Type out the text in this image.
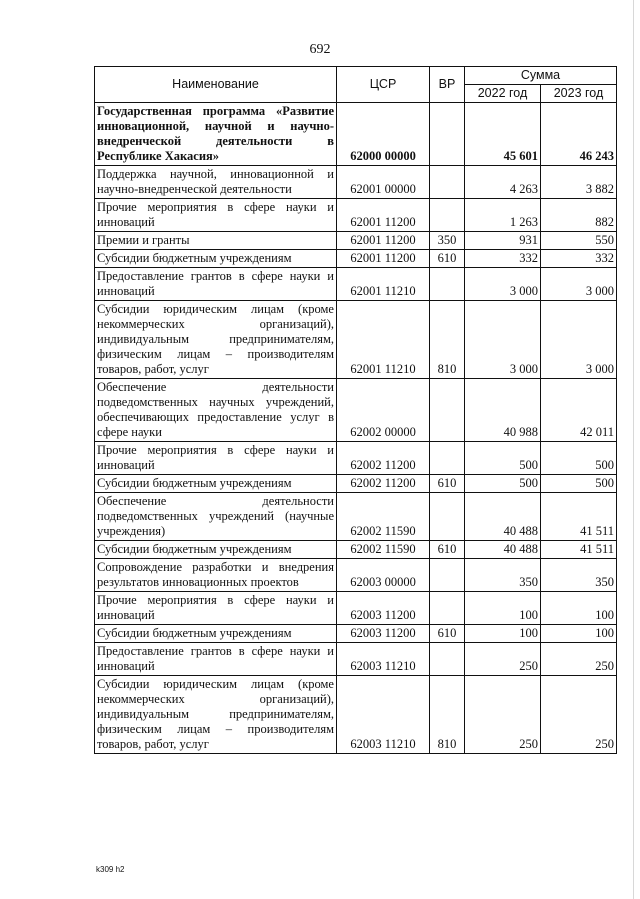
692
Наименование	ЦСР	ВР	Сумма	
			2022 год	2023 год
Государственная программа «Развитие инновационной, научной и научно-внедренческой деятельности в Республике Хакасия»	62000 00000		45 601	46 243
Поддержка научной, инновационной и научно-внедренческой деятельности	62001 00000		4 263	3 882
Прочие мероприятия в сфере науки и инноваций	62001 11200		1 263	882
Премии и гранты	62001 11200	350	931	550
Субсидии бюджетным учреждениям	62001 11200	610	332	332
Предоставление грантов в сфере науки и инноваций	62001 11210		3 000	3 000
Субсидии юридическим лицам (кроме некоммерческих организаций), индивидуальным предпринимателям, физическим лицам – производителям товаров, работ, услуг	62001 11210	810	3 000	3 000
Обеспечение деятельности подведомственных научных учреждений, обеспечивающих предоставление услуг в сфере науки	62002 00000		40 988	42 011
Прочие мероприятия в сфере науки и инноваций	62002 11200		500	500
Субсидии бюджетным учреждениям	62002 11200	610	500	500
Обеспечение деятельности подведомственных учреждений (научные учреждения)	62002 11590		40 488	41 511
Субсидии бюджетным учреждениям	62002 11590	610	40 488	41 511
Сопровождение разработки и внедрения результатов инновационных проектов	62003 00000		350	350
Прочие мероприятия в сфере науки и инноваций	62003 11200		100	100
Субсидии бюджетным учреждениям	62003 11200	610	100	100
Предоставление грантов в сфере науки и инноваций	62003 11210		250	250
Субсидии юридическим лицам (кроме некоммерческих организаций), индивидуальным предпринимателям, физическим лицам – производителям товаров, работ, услуг	62003 11210	810	250	250
k309 h2
